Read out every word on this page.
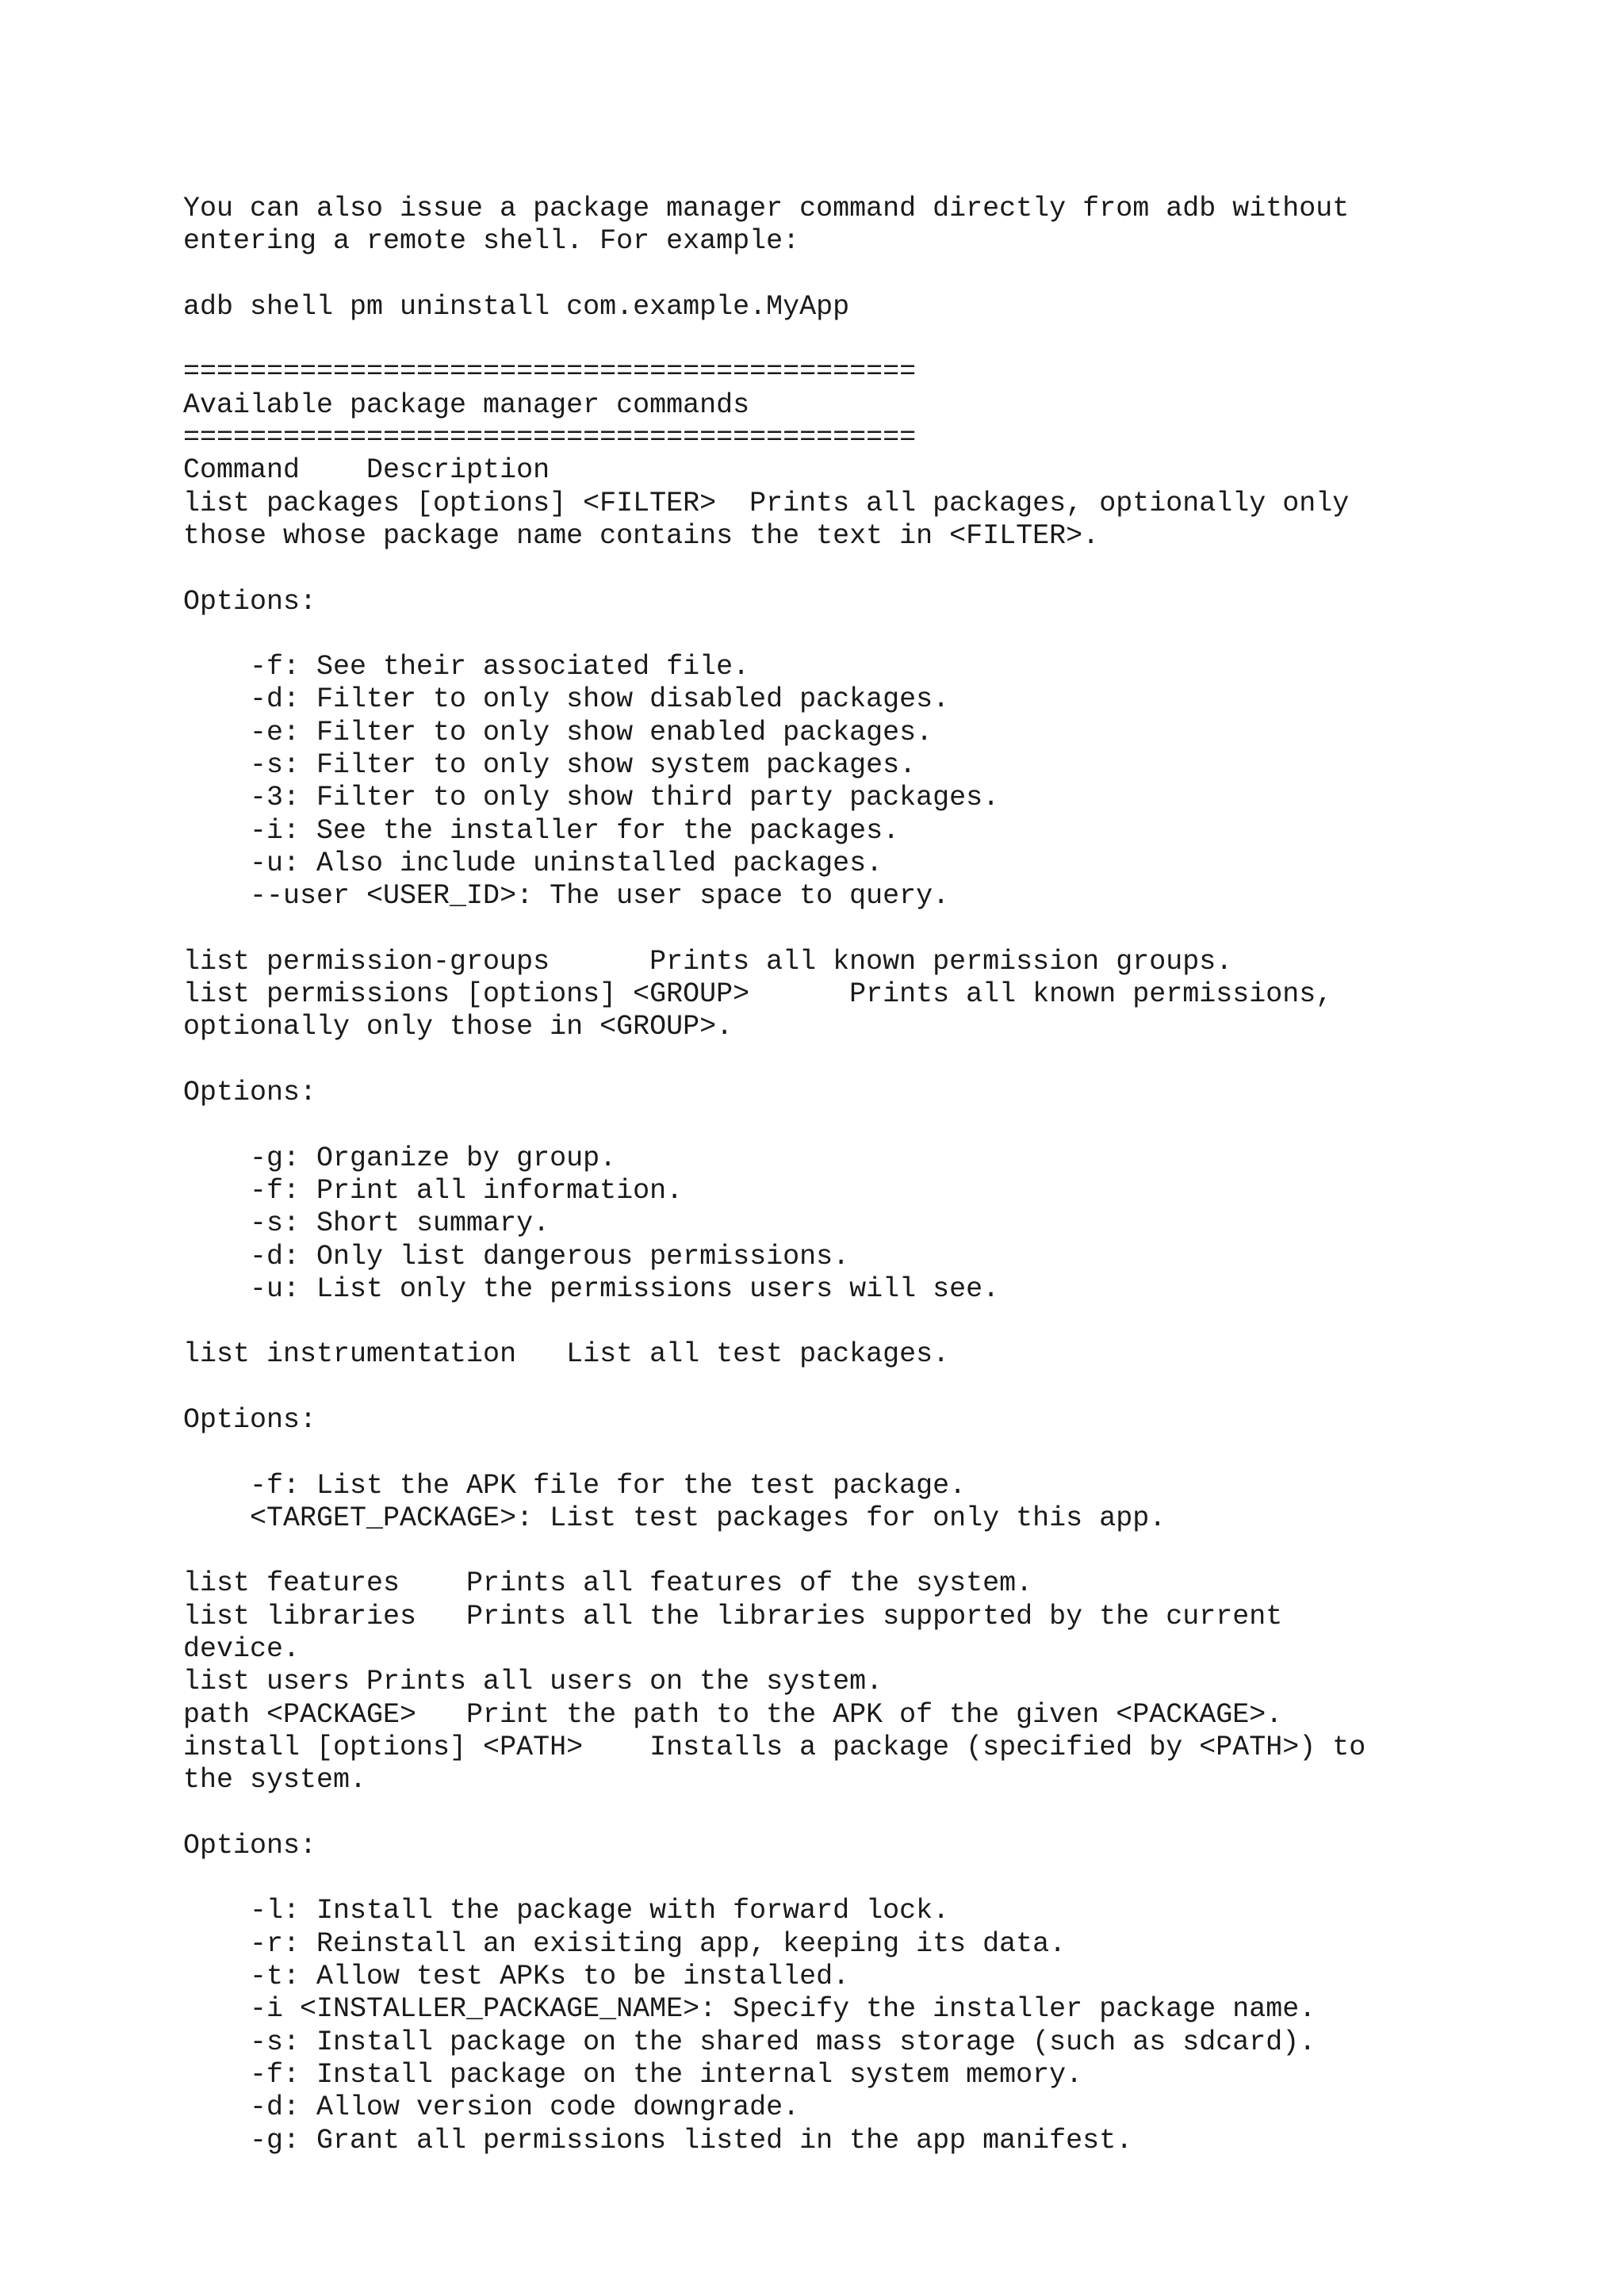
You can also issue a package manager command directly from adb without
entering a remote shell. For example:
adb shell pm uninstall com.example.MyApp
============================================
Available package manager commands
============================================
Command    Description
list packages [options] <FILTER>  Prints all packages, optionally only
those whose package name contains the text in <FILTER>.
Options:
-f: See their associated file.
-d: Filter to only show disabled packages.
-e: Filter to only show enabled packages.
-s: Filter to only show system packages.
-3: Filter to only show third party packages.
-i: See the installer for the packages.
-u: Also include uninstalled packages.
--user <USER_ID>: The user space to query.
list permission-groups      Prints all known permission groups.
list permissions [options] <GROUP>      Prints all known permissions,
optionally only those in <GROUP>.
Options:
-g: Organize by group.
-f: Print all information.
-s: Short summary.
-d: Only list dangerous permissions.
-u: List only the permissions users will see.
list instrumentation   List all test packages.
Options:
-f: List the APK file for the test package.
<TARGET_PACKAGE>: List test packages for only this app.
list features    Prints all features of the system.
list libraries   Prints all the libraries supported by the current
device.
list users Prints all users on the system.
path <PACKAGE>   Print the path to the APK of the given <PACKAGE>.
install [options] <PATH>    Installs a package (specified by <PATH>) to
the system.
Options:
-l: Install the package with forward lock.
-r: Reinstall an exisiting app, keeping its data.
-t: Allow test APKs to be installed.
-i <INSTALLER_PACKAGE_NAME>: Specify the installer package name.
-s: Install package on the shared mass storage (such as sdcard).
-f: Install package on the internal system memory.
-d: Allow version code downgrade.
-g: Grant all permissions listed in the app manifest.
